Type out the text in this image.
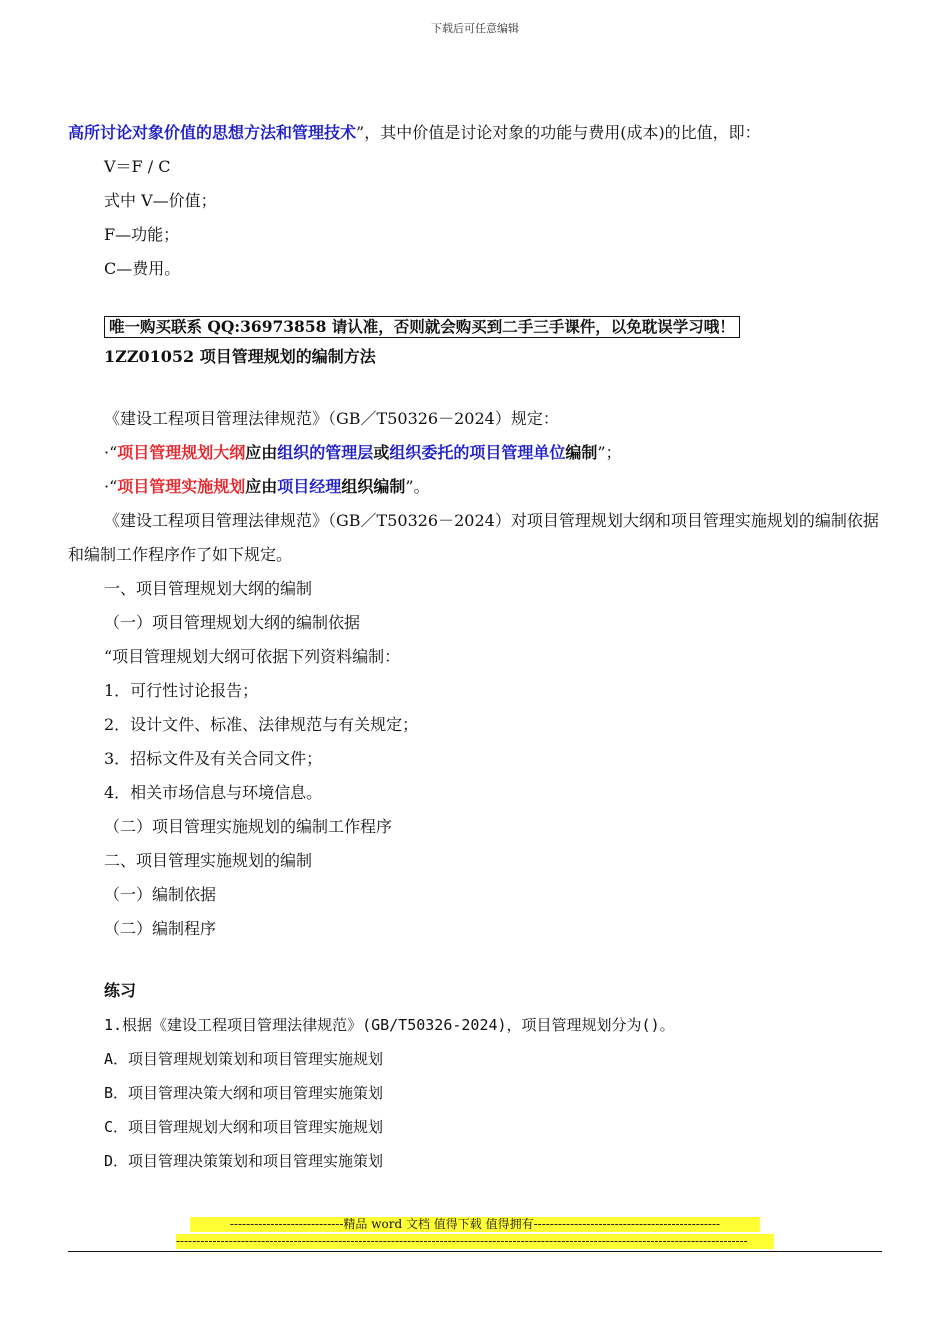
下载后可任意编辑
高所讨论对象价值的思想方法和管理技术”，其中价值是讨论对象的功能与费用(成本)的比值，即：
V＝F / C
式中 V—价值；
F—功能；
C—费用。
唯一购买联系 QQ:36973858 请认准，否则就会购买到二手三手课件，以免耽误学习哦！
1ZZ01052 项目管理规划的编制方法
《建设工程项目管理法律规范》（GB／T50326－2024）规定：
·“项目管理规划大纲应由组织的管理层或组织委托的项目管理单位编制”；
·“项目管理实施规划应由项目经理组织编制”。
《建设工程项目管理法律规范》（GB／T50326－2024）对项目管理规划大纲和项目管理实施规划的编制依据和编制工作程序作了如下规定。
一、项目管理规划大纲的编制
（一）项目管理规划大纲的编制依据
“项目管理规划大纲可依据下列资料编制：
1．可行性讨论报告；
2．设计文件、标准、法律规范与有关规定；
3．招标文件及有关合同文件；
4．相关市场信息与环境信息。
（二）项目管理实施规划的编制工作程序
二、项目管理实施规划的编制
（一）编制依据
（二）编制程序
练习
1.根据《建设工程项目管理法律规范》(GB/T50326-2024)，项目管理规划分为()。
A．项目管理规划策划和项目管理实施规划
B．项目管理决策大纲和项目管理实施策划
C．项目管理规划大纲和项目管理实施规划
D．项目管理决策策划和项目管理实施策划
----------------------------精品 word 文档 值得下载 值得拥有----------------------------------------------
---------------------------------------------------------------------------------------------------------------------------------------------
